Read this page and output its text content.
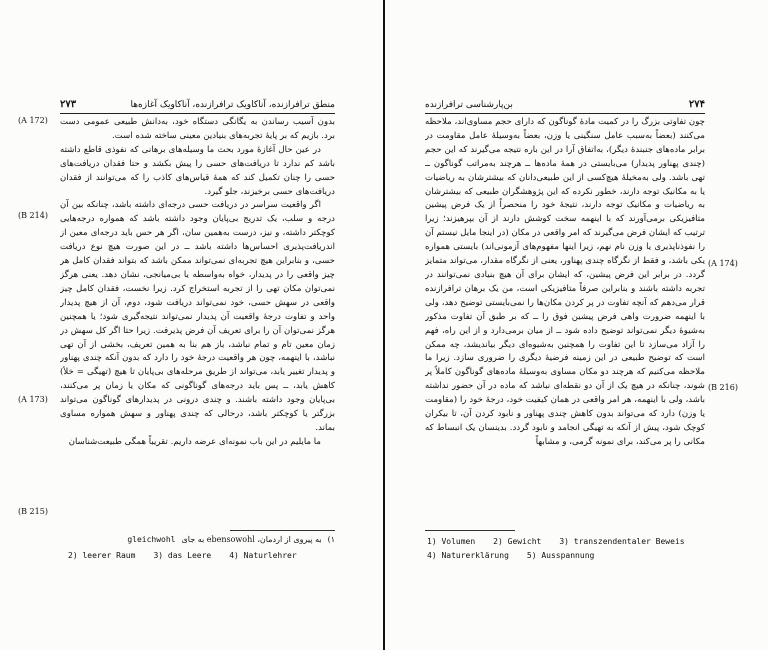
۲۷۳	منطق ترافرازنده، آناکاویک ترافرازنده، آناکاویک آغازه‌ها
(A 172)
(B 214)
(A 173)
(B 215)

بدون آسیب رساندن به یگانگی دستگاه خود، به‌دانش طبیعی عمومی دست برد. بازیم که بر پایهٔ تجربه‌های بنیادین معینی ساخته شده است.

در عین حال آغازهٔ مورد بحث ما وسیله‌های برهانی که نفوذی قاطع داشته باشد کم ندارد تا دریافت‌های حسی را پیش بکشد و حتا فقدان دریافت‌های حسی را چنان تکمیل کند که همهٔ قیاس‌های کاذب را که می‌توانند از فقدان دریافت‌های حسی برخیزند، جلو گیرد.

اگر واقعیت سراسر در دریافت حسی درجه‌ای داشته باشد، چنانکه بین آن درجه و سلب، یک تدریج بی‌پایان وجود داشته باشد که همواره درجه‌هایی کوچکتر داشته، و نیز، درست به‌همین سان، اگر هر حس باید درجه‌ای معین از اندریافت‌پذیری احساس‌ها داشته باشد ــ در این صورت هیچ نوع دریافت حسی، و بنابراین هیچ تجربه‌ای نمی‌تواند ممکن باشد که بتواند فقدان کامل هر چیز واقعی را در پدیدار، خواه به‌واسطه یا بی‌میانجی، نشان دهد. یعنی هرگز نمی‌توان مکان تهی را از تجربه استخراج کرد. زیرا نخست، فقدان کامل چیز واقعی در سهش حسی، خود نمی‌تواند دریافت شود، دوم، آن از هیچ پدیدار واحد و تفاوت درجهٔ واقعیت آن پدیدار نمی‌تواند نتیجه‌گیری شود؛ یا همچنین هرگز نمی‌توان آن را برای تعریف آن فرض پذیرفت. زیرا حتا اگر کل سهش در زمان معین تام و تمام نباشد، باز هم بنا به همین تعریف، بخشی از آن تهی نباشد، با اینهمه، چون هر واقعیت درجهٔ خود را دارد که بدون آنکه چندی پهناور و پدیدار تغییر یابد، می‌تواند از طریق مرحله‌های بی‌پایان تا هیچ (تهیگی = خلأ) کاهش یابد، ــ پس باید درجه‌های گوناگونی که مکان یا زمان پر می‌کنند، بی‌پایان وجود داشته باشند. و چندی درونی در پدیدارهای گوناگون می‌تواند بزرگتر یا کوچکتر باشد، درحالی که چندی پهناور و سهش همواره مساوی بماند.

ما مایلیم در این باب نمونه‌ای عرضه داریم. تقریباً همگی طبیعت‌شناسان

gleichwohl به پیروی از اردمان، ebensowohl به جای (۱
2) leerer Raum 3) das Leere 4) Naturlehrer
بن‌پارشناسی ترافرازنده	۲۷۴
(A 174)
(B 216)

چون تفاوتی بزرگ را در کمیت مادهٔ گوناگون که دارای حجم مساوی‌اند، ملاحظه می‌کنند (بعضاً به‌سبب عامل سنگینی یا وزن، بعضاً به‌وسیلهٔ عامل مقاومت در برابر ماده‌های جنبندهٔ دیگر)، به‌اتفاق آرا در این باره نتیجه می‌گیرند که این حجم (چندی پهناور پدیدار) می‌بایستی در همهٔ ماده‌ها ــ هرچند به‌مراتب گوناگون ــ تهی باشد. ولی به‌مخیلهٔ هیچ‌کسی از این طبیعی‌دانان که بیشترشان به ریاضیات یا به مکانیک توجه دارند، خطور نکرده که این پژوهشگران طبیعی که بیشترشان به ریاضیات و مکانیک توجه دارند، نتیجهٔ خود را منحصراً از یک فرض پیشین متافیزیکی برمی‌آورند که با اینهمه سخت کوشش دارند از آن بپرهیزند؛ زیرا ترتیب که ایشان فرض می‌گیرند که امر واقعی در مکان (در اینجا مایل نیستم آن را نفوذناپذیری یا وزن نام نهم، زیرا اینها مفهوم‌های آزمونی‌اند) بایستی همواره یکی باشد، و فقط از نگرگاه چندی پهناور، یعنی از نگرگاه مقدار، می‌تواند متمایز گردد. در برابر این فرض پیشین، که ایشان برای آن هیچ بنیادی نمی‌توانند در تجربه داشته باشند و بنابراین صرفاً متافیزیکی است، من یک برهان ترافرازنده قرار می‌دهم که آنچه تفاوت در پر کردن مکان‌ها را نمی‌بایستی توضیح دهد، ولی با اینهمه ضرورت واهی فرض پیشین فوق را ــ که بر طبق آن تفاوت مذکور به‌شیوهٔ دیگر نمی‌تواند توضیح داده شود ــ از میان برمی‌دارد و از این راه، فهم را آزاد می‌سازد تا این تفاوت را همچنین به‌شیوه‌ای دیگر بیاندیشد، چه ممکن است که توضیح طبیعی در این زمینه فرضیهٔ دیگری را ضروری سازد. زیرا ما ملاحظه می‌کنیم که هرچند دو مکان مساوی به‌وسیلهٔ ماده‌های گوناگون کاملاً پر شوند، چنانکه در هیچ یک از آن دو نقطه‌ای نباشد که ماده در آن حضور نداشته باشد، ولی با اینهمه، هر امر واقعی در همان کیفیت خود، درجهٔ خود را (مقاومت یا وزن) دارد که می‌تواند بدون کاهش چندی پهناور و نابود کردن آن، تا بیکران کوچک شود، پیش از آنکه به تهیگی انجامد و نابود گردد. بدینسان یک انبساط که مکانی را پر می‌کند، برای نمونه گرمی، و مشابهاً

1) Volumen 2) Gewicht 3) transzendentaler Beweis
4) Naturerklärung 5) Ausspannung
